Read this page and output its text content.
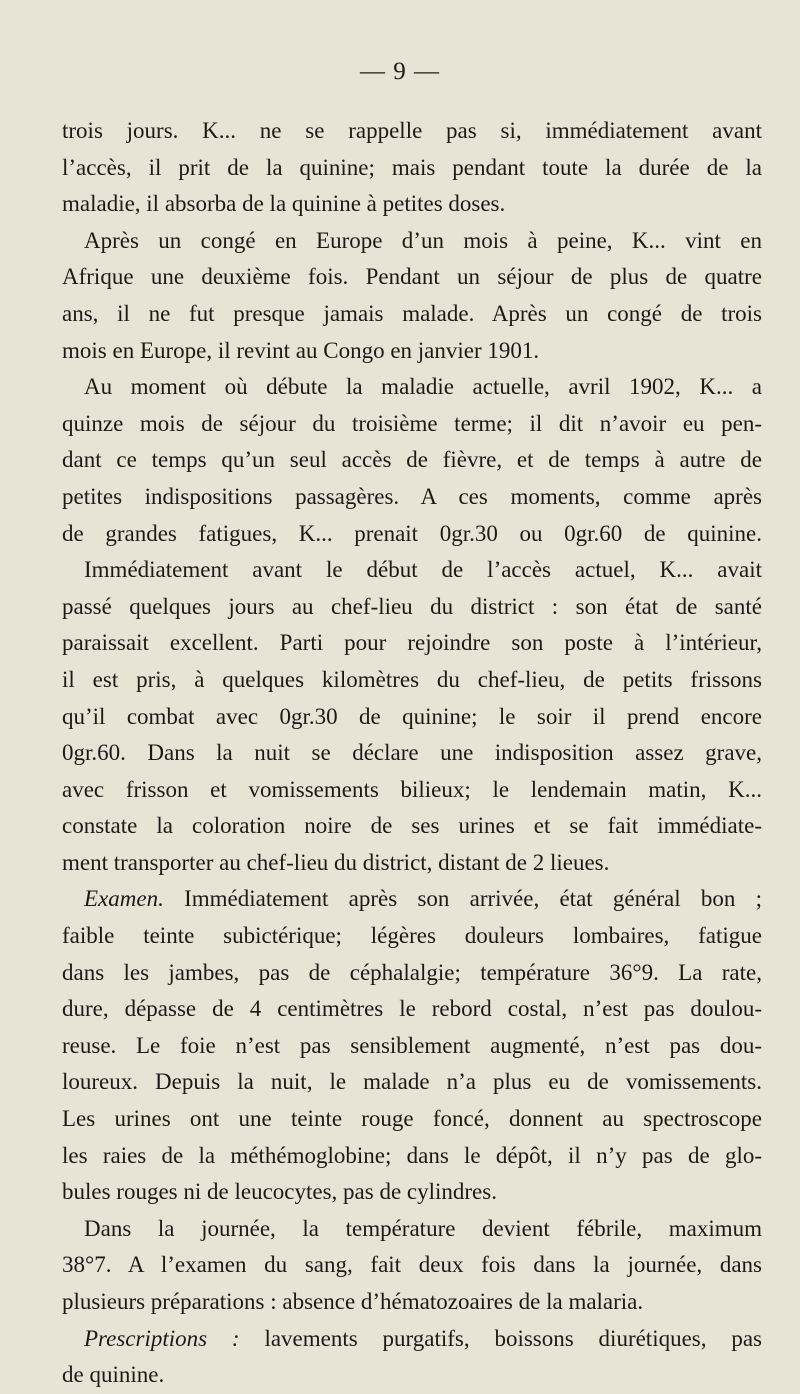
— 9 —
trois jours. K... ne se rappelle pas si, immédiatement avant
l’accès, il prit de la quinine; mais pendant toute la durée de la
maladie, il absorba de la quinine à petites doses.
Après un congé en Europe d’un mois à peine, K... vint en
Afrique une deuxième fois. Pendant un séjour de plus de quatre
ans, il ne fut presque jamais malade. Après un congé de trois
mois en Europe, il revint au Congo en janvier 1901.
Au moment où débute la maladie actuelle, avril 1902, K... a
quinze mois de séjour du troisième terme; il dit n’avoir eu pen-
dant ce temps qu’un seul accès de fièvre, et de temps à autre de
petites indispositions passagères. A ces moments, comme après
de grandes fatigues, K... prenait 0gr.30 ou 0gr.60 de quinine.
Immédiatement avant le début de l’accès actuel, K... avait
passé quelques jours au chef-lieu du district : son état de santé
paraissait excellent. Parti pour rejoindre son poste à l’intérieur,
il est pris, à quelques kilomètres du chef-lieu, de petits frissons
qu’il combat avec 0gr.30 de quinine; le soir il prend encore
0gr.60. Dans la nuit se déclare une indisposition assez grave,
avec frisson et vomissements bilieux; le lendemain matin, K...
constate la coloration noire de ses urines et se fait immédiate-
ment transporter au chef-lieu du district, distant de 2 lieues.
Examen. Immédiatement après son arrivée, état général bon ;
faible teinte subictérique; légères douleurs lombaires, fatigue
dans les jambes, pas de céphalalgie; température 36°9. La rate,
dure, dépasse de 4 centimètres le rebord costal, n’est pas doulou-
reuse. Le foie n’est pas sensiblement augmenté, n’est pas dou-
loureux. Depuis la nuit, le malade n’a plus eu de vomissements.
Les urines ont une teinte rouge foncé, donnent au spectroscope
les raies de la méthémoglobine; dans le dépôt, il n’y pas de glo-
bules rouges ni de leucocytes, pas de cylindres.
Dans la journée, la température devient fébrile, maximum
38°7. A l’examen du sang, fait deux fois dans la journée, dans
plusieurs préparations : absence d’hématozoaires de la malaria.
Prescriptions : lavements purgatifs, boissons diurétiques, pas
de quinine.
